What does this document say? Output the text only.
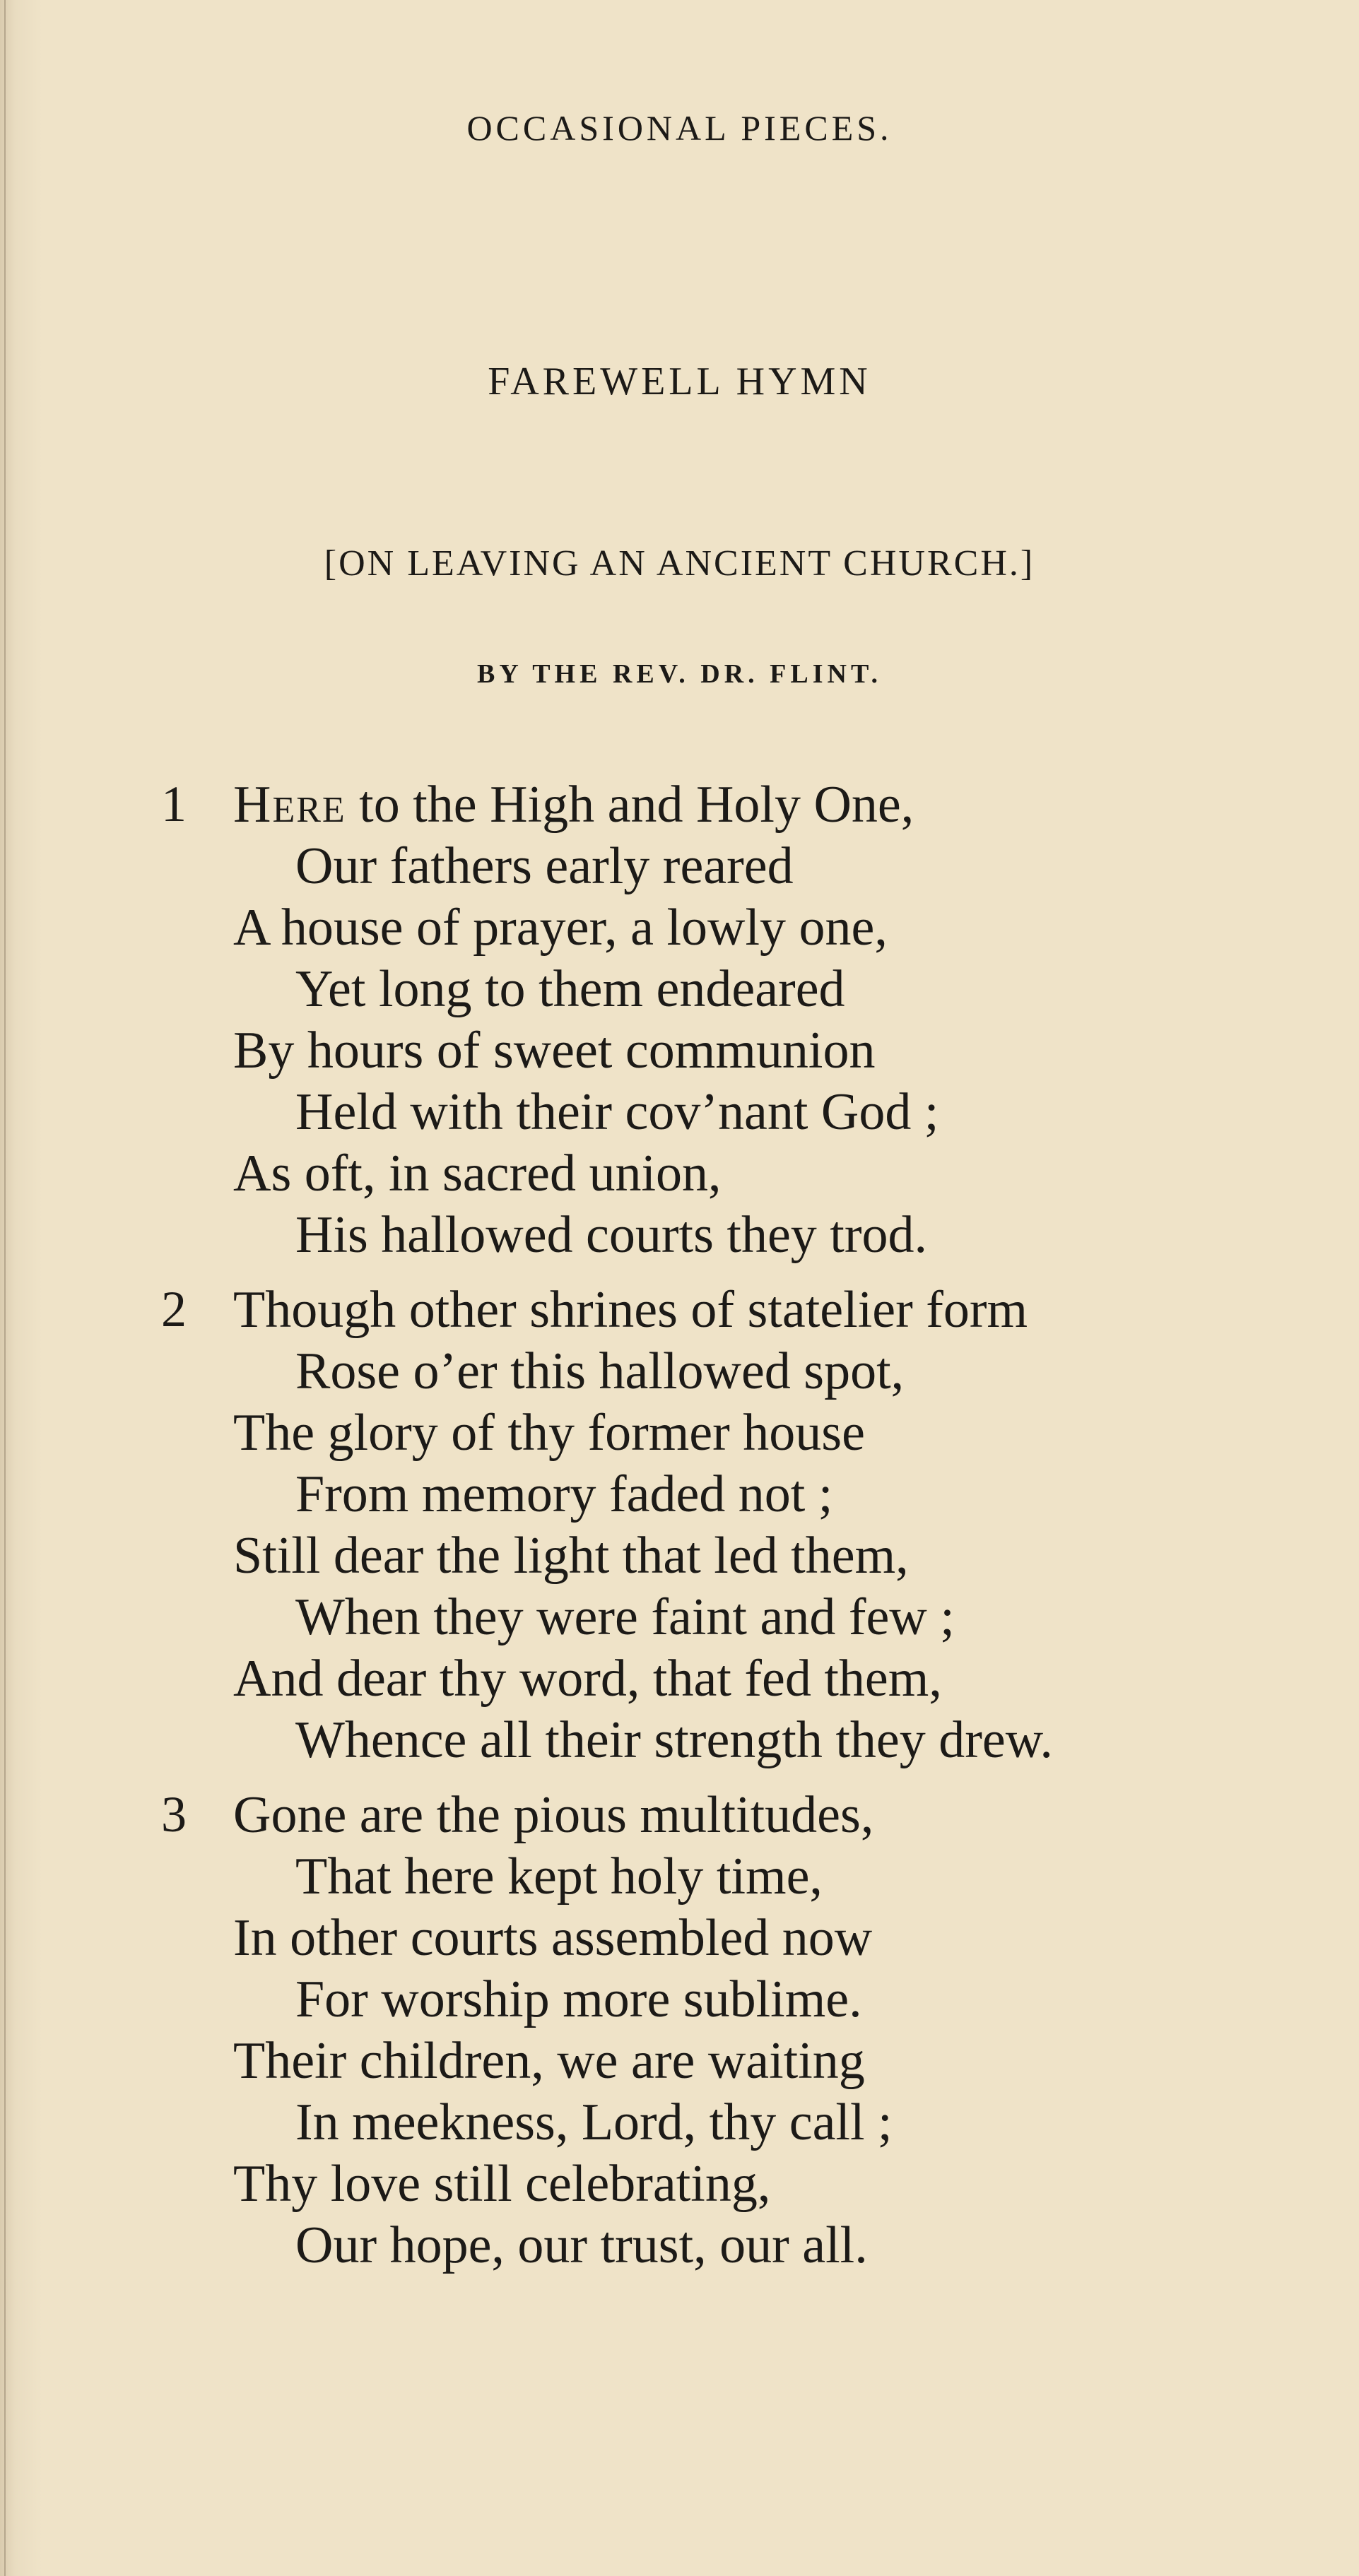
OCCASIONAL PIECES.
FAREWELL HYMN
[ON LEAVING AN ANCIENT CHURCH.]
BY THE REV. DR. FLINT.
1 Here to the High and Holy One,
Our fathers early reared
A house of prayer, a lowly one,
Yet long to them endeared
By hours of sweet communion
Held with their cov’nant God ;
As oft, in sacred union,
His hallowed courts they trod.
2 Though other shrines of statelier form
Rose o’er this hallowed spot,
The glory of thy former house
From memory faded not ;
Still dear the light that led them,
When they were faint and few ;
And dear thy word, that fed them,
Whence all their strength they drew.
3 Gone are the pious multitudes,
That here kept holy time,
In other courts assembled now
For worship more sublime.
Their children, we are waiting
In meekness, Lord, thy call ;
Thy love still celebrating,
Our hope, our trust, our all.
